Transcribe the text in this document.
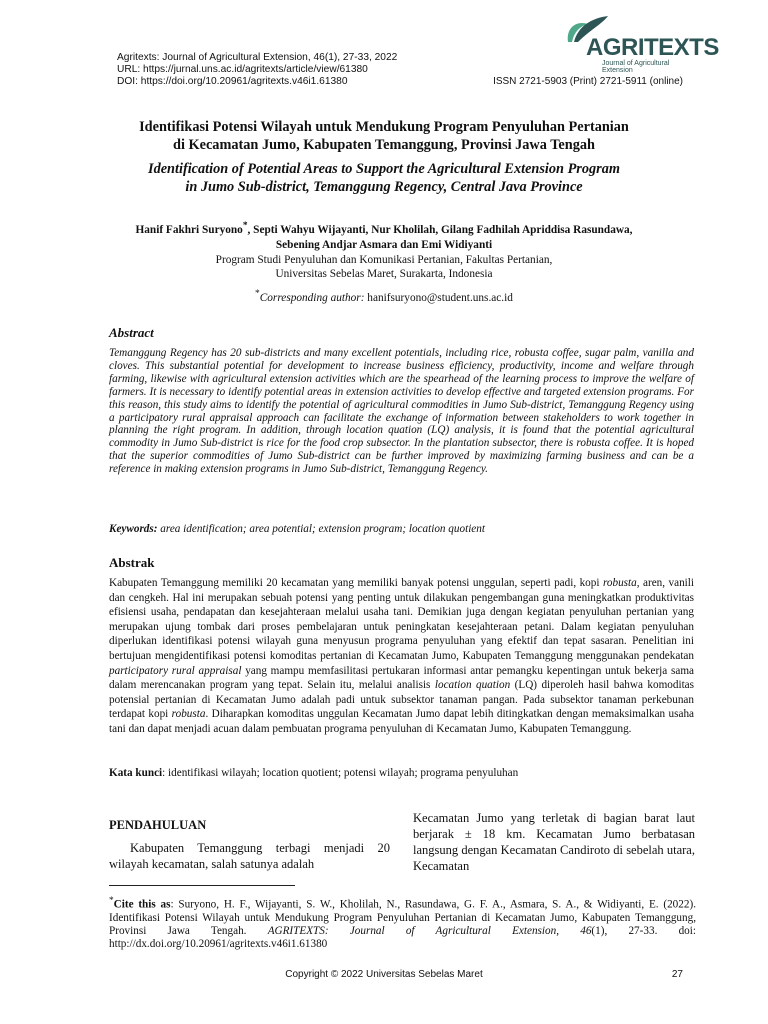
Agritexts: Journal of Agricultural Extension, 46(1), 27-33, 2022
URL: https://jurnal.uns.ac.id/agritexts/article/view/61380
DOI: https://doi.org/10.20961/agritexts.v46i1.61380
AGRITEXTS
Journal of Agricultural Extension
ISSN 2721-5903 (Print) 2721-5911 (online)
Identifikasi Potensi Wilayah untuk Mendukung Program Penyuluhan Pertanian
di Kecamatan Jumo, Kabupaten Temanggung, Provinsi Jawa Tengah
Identification of Potential Areas to Support the Agricultural Extension Program
in Jumo Sub-district, Temanggung Regency, Central Java Province
Hanif Fakhri Suryono*, Septi Wahyu Wijayanti, Nur Kholilah, Gilang Fadhilah Apriddisa Rasundawa,
Sebening Andjar Asmara dan Emi Widiyanti
Program Studi Penyuluhan dan Komunikasi Pertanian, Fakultas Pertanian,
Universitas Sebelas Maret, Surakarta, Indonesia
*Corresponding author: hanifsuryono@student.uns.ac.id
Abstract

Temanggung Regency has 20 sub-districts and many excellent potentials, including rice, robusta coffee, sugar palm, vanilla and cloves. This substantial potential for development to increase business efficiency, productivity, income and welfare through farming, likewise with agricultural extension activities which are the spearhead of the learning process to improve the welfare of farmers. It is necessary to identify potential areas in extension activities to develop effective and targeted extension programs. For this reason, this study aims to identify the potential of agricultural commodities in Jumo Sub-district, Temanggung Regency using a participatory rural appraisal approach can facilitate the exchange of information between stakeholders to work together in planning the right program. In addition, through location quation (LQ) analysis, it is found that the potential agricultural commodity in Jumo Sub-district is rice for the food crop subsector. In the plantation subsector, there is robusta coffee. It is hoped that the superior commodities of Jumo Sub-district can be further improved by maximizing farming business and can be a reference in making extension programs in Jumo Sub-district, Temanggung Regency.

Keywords: area identification; area potential; extension program; location quotient
Abstrak

Kabupaten Temanggung memiliki 20 kecamatan yang memiliki banyak potensi unggulan, seperti padi, kopi robusta, aren, vanili dan cengkeh. Hal ini merupakan sebuah potensi yang penting untuk dilakukan pengembangan guna meningkatkan produktivitas efisiensi usaha, pendapatan dan kesejahteraan melalui usaha tani. Demikian juga dengan kegiatan penyuluhan pertanian yang merupakan ujung tombak dari proses pembelajaran untuk peningkatan kesejahteraan petani. Dalam kegiatan penyuluhan diperlukan identifikasi potensi wilayah guna menyusun programa penyuluhan yang efektif dan tepat sasaran. Penelitian ini bertujuan mengidentifikasi potensi komoditas pertanian di Kecamatan Jumo, Kabupaten Temanggung menggunakan pendekatan participatory rural appraisal yang mampu memfasilitasi pertukaran informasi antar pemangku kepentingan untuk bekerja sama dalam merencanakan program yang tepat. Selain itu, melalui analisis location quation (LQ) diperoleh hasil bahwa komoditas potensial pertanian di Kecamatan Jumo adalah padi untuk subsektor tanaman pangan. Pada subsektor tanaman perkebunan terdapat kopi robusta. Diharapkan komoditas unggulan Kecamatan Jumo dapat lebih ditingkatkan dengan memaksimalkan usaha tani dan dapat menjadi acuan dalam pembuatan programa penyuluhan di Kecamatan Jumo, Kabupaten Temanggung.

Kata kunci: identifikasi wilayah; location quotient; potensi wilayah; programa penyuluhan
PENDAHULUAN

Kabupaten Temanggung terbagi menjadi 20 wilayah kecamatan, salah satunya adalah

Kecamatan Jumo yang terletak di bagian barat laut berjarak ± 18 km. Kecamatan Jumo berbatasan langsung dengan Kecamatan Candiroto di sebelah utara, Kecamatan

*Cite this as: Suryono, H. F., Wijayanti, S. W., Kholilah, N., Rasundawa, G. F. A., Asmara, S. A., & Widiyanti, E. (2022). Identifikasi Potensi Wilayah untuk Mendukung Program Penyuluhan Pertanian di Kecamatan Jumo, Kabupaten Temanggung, Provinsi Jawa Tengah. AGRITEXTS: Journal of Agricultural Extension, 46(1), 27-33. doi: http://dx.doi.org/10.20961/agritexts.v46i1.61380

Copyright © 2022 Universitas Sebelas Maret	27
